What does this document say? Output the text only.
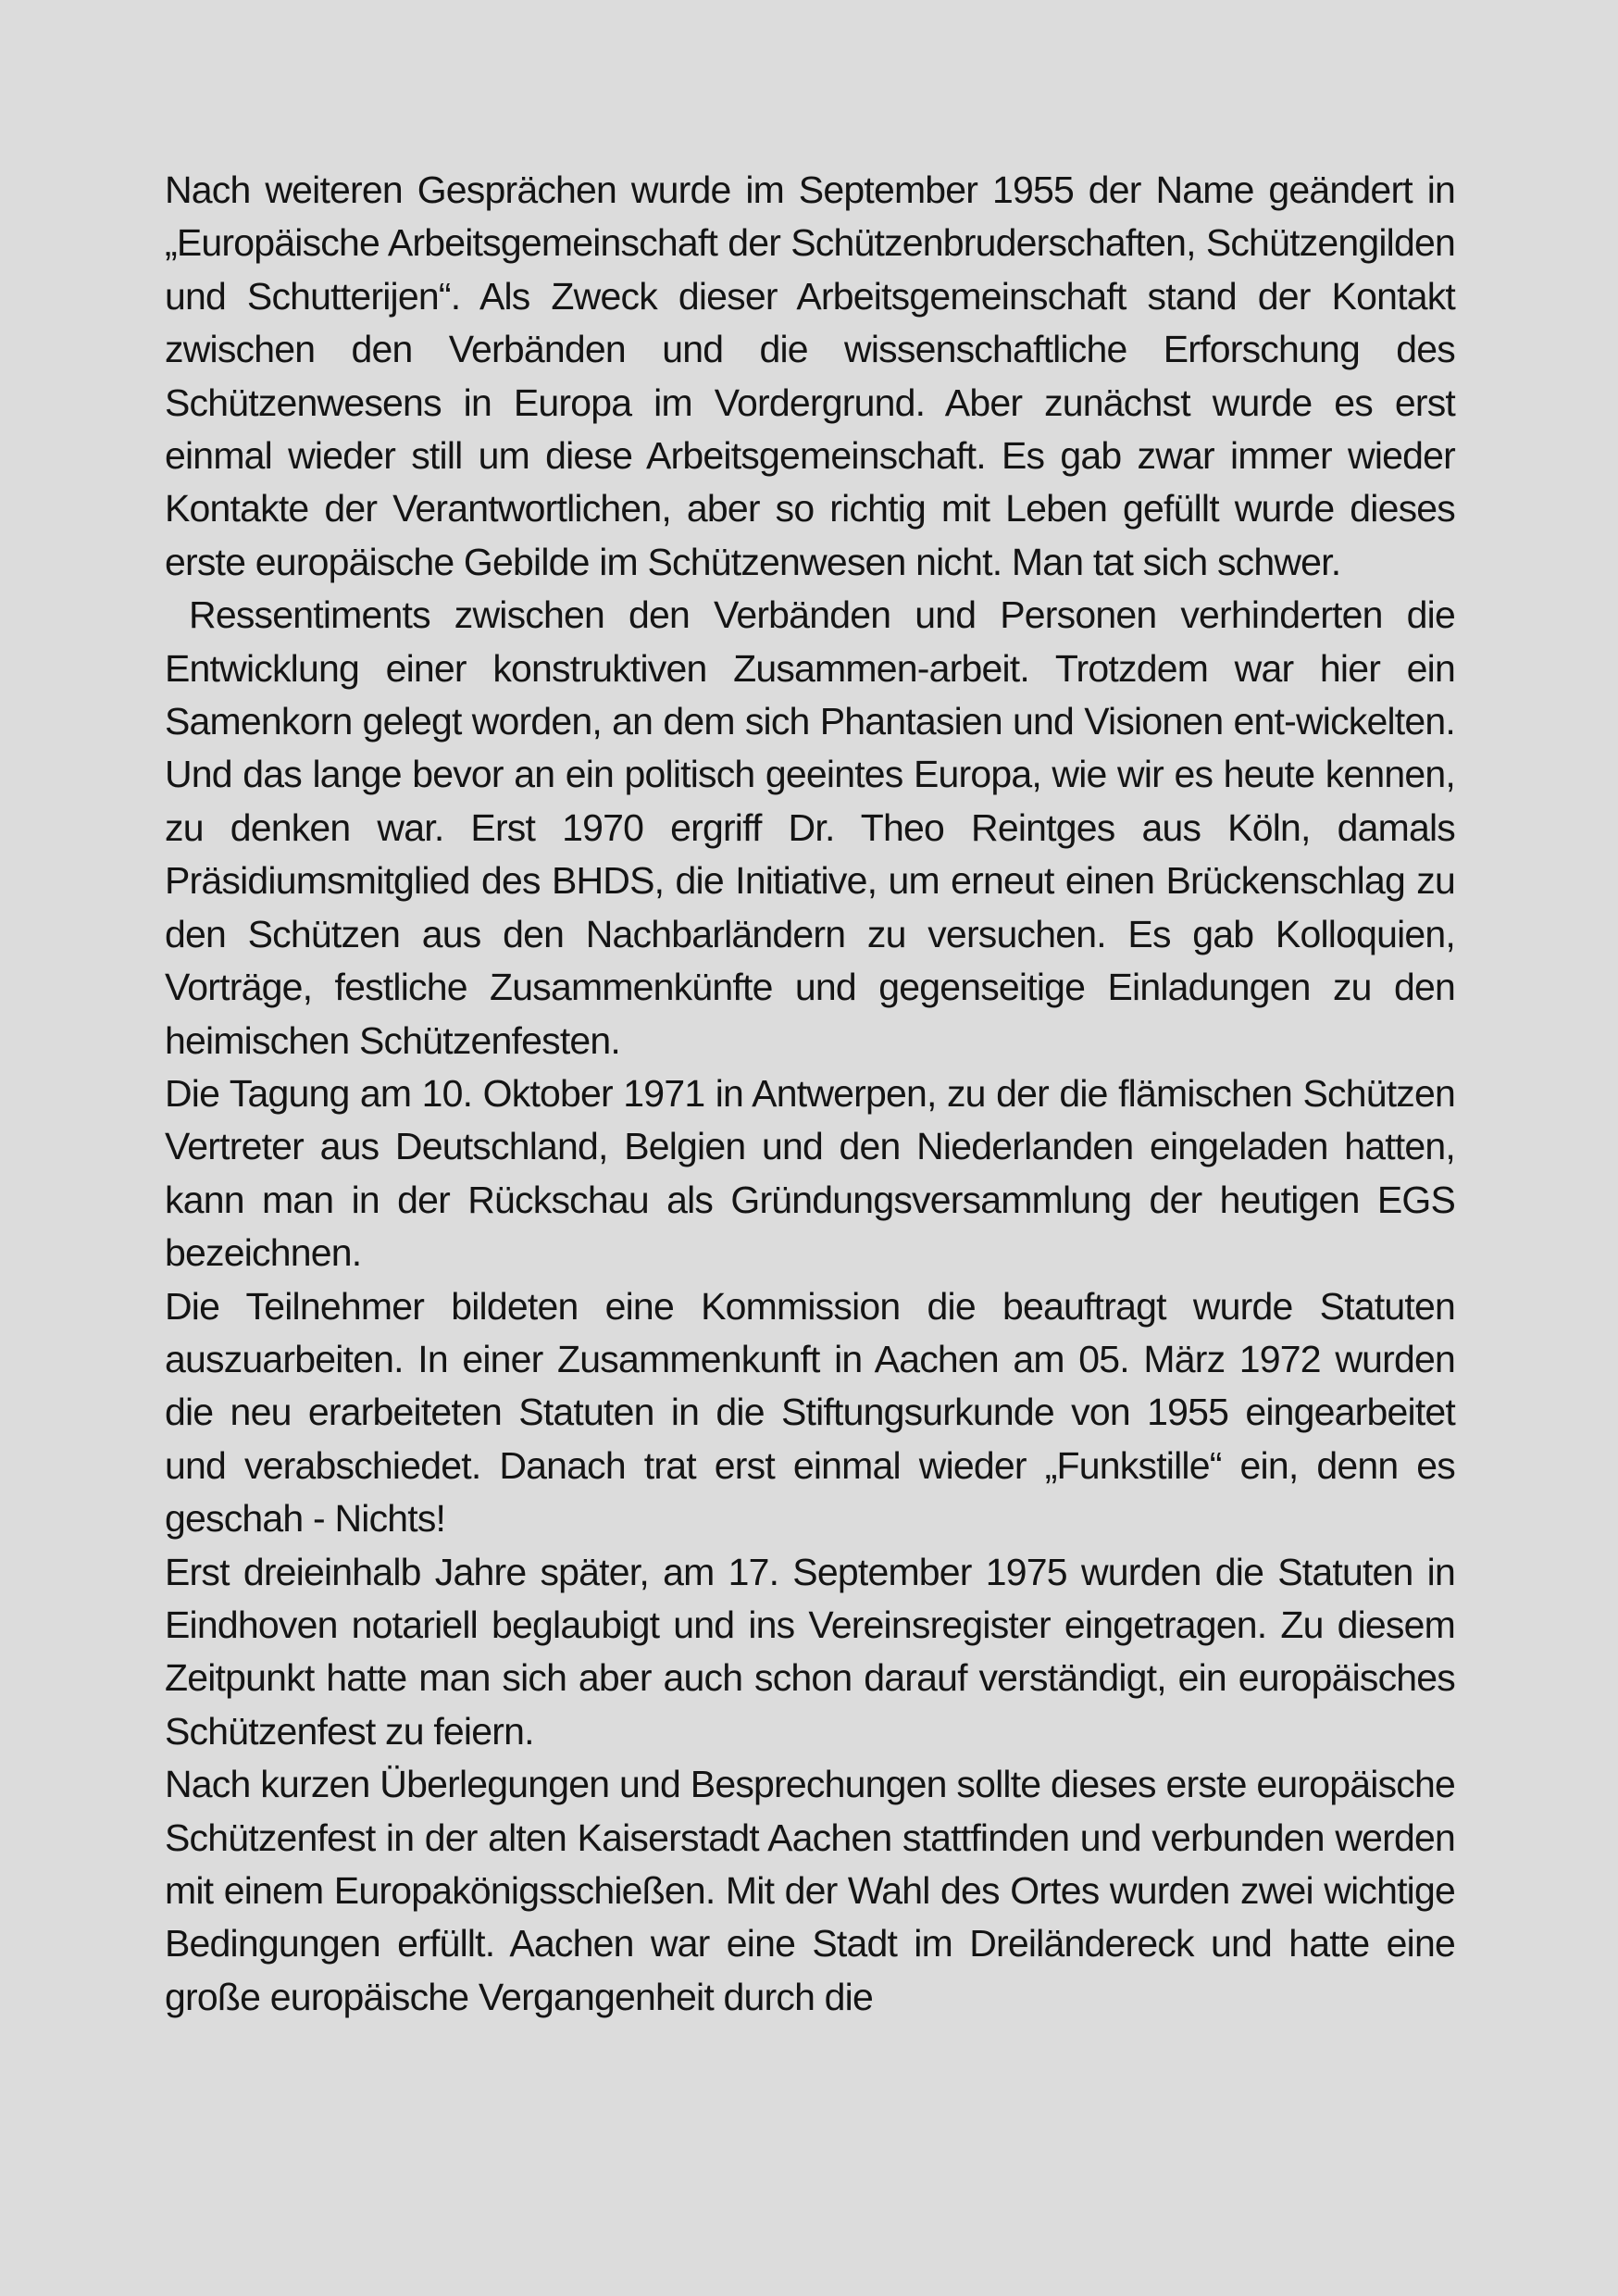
Nach weiteren Gesprächen wurde im September 1955 der Name geändert in „Europäische Arbeitsgemeinschaft der Schützenbruderschaften, Schützengilden und Schutterijen“. Als Zweck dieser Arbeitsgemeinschaft stand der Kontakt zwischen den Verbänden und die wissenschaftliche Erforschung des Schützenwesens in Europa im Vordergrund. Aber zunächst wurde es erst einmal wieder still um diese Arbeitsgemeinschaft. Es gab zwar immer wieder Kontakte der Verantwortlichen, aber so richtig mit Leben gefüllt wurde dieses erste europäische Gebilde im Schützenwesen nicht. Man tat sich schwer.

Ressentiments zwischen den Verbänden und Personen verhinderten die Entwicklung einer konstruktiven Zusammen-arbeit. Trotzdem war hier ein Samenkorn gelegt worden, an dem sich Phantasien und Visionen ent-wickelten. Und das lange bevor an ein politisch geeintes Europa, wie wir es heute kennen, zu denken war. Erst 1970 ergriff Dr. Theo Reintges aus Köln, damals Präsidiumsmitglied des BHDS, die Initiative, um erneut einen Brückenschlag zu den Schützen aus den Nachbarländern zu versuchen. Es gab Kolloquien, Vorträge, festliche Zusammenkünfte und gegenseitige Einladungen zu den heimischen Schützenfesten.

Die Tagung am 10. Oktober 1971 in Antwerpen, zu der die flämischen Schützen Vertreter aus Deutschland, Belgien und den Niederlanden eingeladen hatten, kann man in der Rückschau als Gründungsversammlung der heutigen EGS bezeichnen.

Die Teilnehmer bildeten eine Kommission die beauftragt wurde Statuten auszuarbeiten. In einer Zusammenkunft in Aachen am 05. März 1972 wurden die neu erarbeiteten Statuten in die Stiftungsurkunde von 1955 eingearbeitet und verabschiedet. Danach trat erst einmal wieder „Funkstille“ ein, denn es geschah - Nichts!

Erst dreieinhalb Jahre später, am 17. September 1975 wurden die Statuten in Eindhoven notariell beglaubigt und ins Vereinsregister eingetragen. Zu diesem Zeitpunkt hatte man sich aber auch schon darauf verständigt, ein europäisches Schützenfest zu feiern.

Nach kurzen Überlegungen und Besprechungen sollte dieses erste europäische Schützenfest in der alten Kaiserstadt Aachen stattfinden und verbunden werden mit einem Europakönigsschießen. Mit der Wahl des Ortes wurden zwei wichtige Bedingungen erfüllt. Aachen war eine Stadt im Dreiländereck und hatte eine große europäische Vergangenheit durch die
